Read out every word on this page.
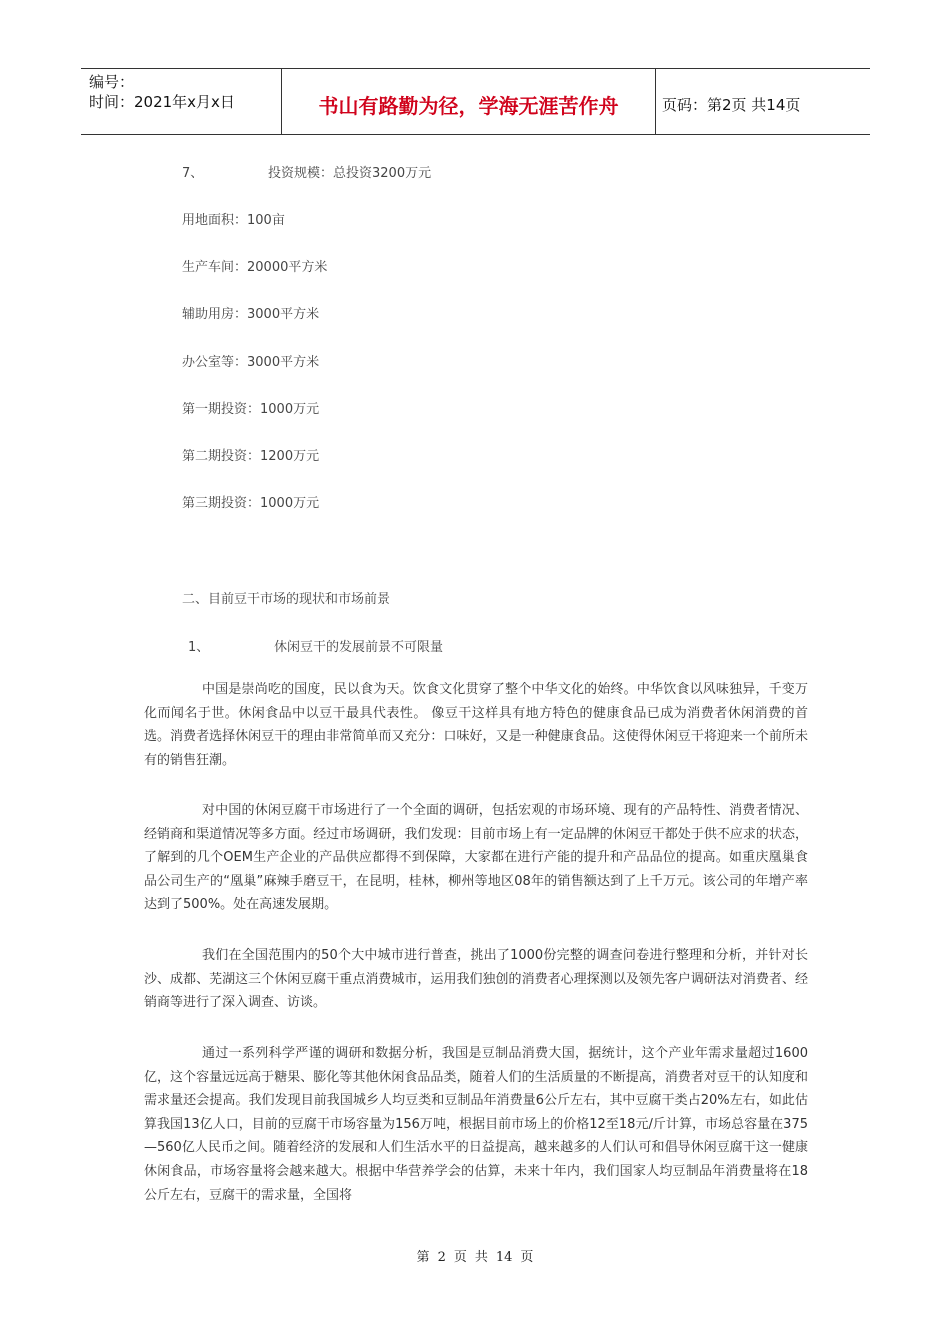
编号：
时间：2021年x月x日	书山有路勤为径，学海无涯苦作舟	页码：第2页 共14页
7、	投资规模：总投资3200万元
用地面积：100亩
生产车间：20000平方米
辅助用房：3000平方米
办公室等：3000平方米
第一期投资：1000万元
第二期投资：1200万元
第三期投资：1000万元
二、目前豆干市场的现状和市场前景
1、	休闲豆干的发展前景不可限量

中国是崇尚吃的国度，民以食为天。饮食文化贯穿了整个中华文化的始终。中华饮食以风味独异，千变万化而闻名于世。休闲食品中以豆干最具代表性。 像豆干这样具有地方特色的健康食品已成为消费者休闲消费的首选。消费者选择休闲豆干的理由非常简单而又充分：口味好，又是一种健康食品。这使得休闲豆干将迎来一个前所未有的销售狂潮。

对中国的休闲豆腐干市场进行了一个全面的调研，包括宏观的市场环境、现有的产品特性、消费者情况、经销商和渠道情况等多方面。经过市场调研，我们发现：目前市场上有一定品牌的休闲豆干都处于供不应求的状态，了解到的几个OEM生产企业的产品供应都得不到保障，大家都在进行产能的提升和产品品位的提高。如重庆凰巢食品公司生产的“凰巢”麻辣手磨豆干，在昆明，桂林，柳州等地区08年的销售额达到了上千万元。该公司的年增产率达到了500%。处在高速发展期。

我们在全国范围内的50个大中城市进行普查，挑出了1000份完整的调查问卷进行整理和分析，并针对长沙、成都、芜湖这三个休闲豆腐干重点消费城市，运用我们独创的消费者心理探测以及领先客户调研法对消费者、经销商等进行了深入调查、访谈。

通过一系列科学严谨的调研和数据分析，我国是豆制品消费大国，据统计，这个产业年需求量超过1600亿，这个容量远远高于糖果、膨化等其他休闲食品品类，随着人们的生活质量的不断提高，消费者对豆干的认知度和需求量还会提高。我们发现目前我国城乡人均豆类和豆制品年消费量6公斤左右，其中豆腐干类占20%左右，如此估算我国13亿人口，目前的豆腐干市场容量为156万吨，根据目前市场上的价格12至18元/斤计算，市场总容量在375—560亿人民币之间。随着经济的发展和人们生活水平的日益提高，越来越多的人们认可和倡导休闲豆腐干这一健康休闲食品，市场容量将会越来越大。根据中华营养学会的估算，未来十年内，我们国家人均豆制品年消费量将在18公斤左右，豆腐干的需求量，全国将

第 2 页 共 14 页
